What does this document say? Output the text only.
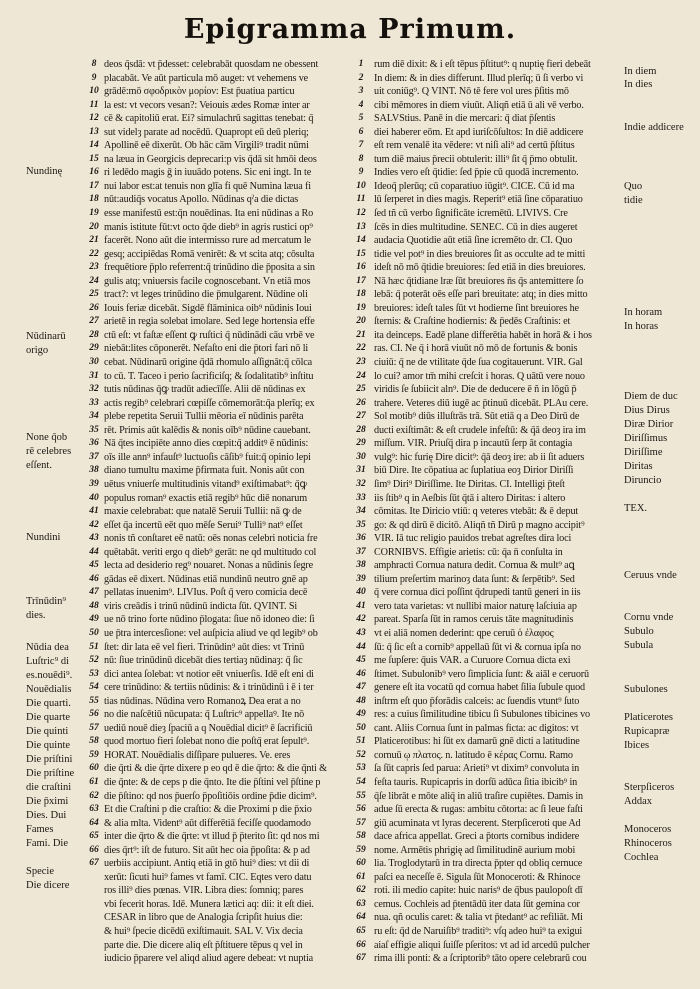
Epigramma Primum.
Nundinę
Nūdinarū
origo
None q̄ob
rē celebres
eſſent.
Nundini
Trīnūdin⁹
dies.
Nūdia dea
Luſtric⁹ di
es.nouēdi⁹.
Nouēdialis
Die quarti.
Die quarte
Die quinti
Die quinte
Die priſtini
Die priſtine
die craſtini
Die p̄ximi
Dies. Dui
Fames
Fami. Die
Specie
Die dicere
8
9
10
11
12
13
14
15
16
17
18
19
20
21
22
23
24
25
26
27
28
29
30
31
32
33
34
35
36
37
38
39
40
41
42
43
44
45
46
47
48
49
50
51
52
53
54
55
56
57
58
59
60
61
62
63
64
65
66
67
deos q̄sdā: vt p̄desset: celebrabāt quosdam ne obessent
placabāt. Ve aūt particula mō auget: vt vehemens ve
grādē:mō σφοδρικὸν μορίον: Est p̄uatiua particu
la est: vt vecors vesan?: Veiouis ædes Romæ inter ar
cē & capitoliū erat. Ei? simulachrū sagittas tenebat: q̄
sut videlȝ parate ad nocēdū. Quapropt eū deū pleriq;
Apollinē eē dixerūt. Ob hāc cām Virgiliꝰ tradit nūmi
na læua in Georgicis deprecari:p vis q̄dā sit hmōi deos
ri ledēdo magis ḡ in iuuādo potens. Sic eni ingt. In te
nui labor est:at tenuis non glīa fi quē Numina læua fi
nūt:audiq̄s vocatus Apollo. Nūdinas qˀa die dictas
esse manifestū est:q̄n nouēdinas. Ita eni nūdinas a Ro
manis istitute fūt:vt octo q̄de dieb⁹ in agris rustici op⁹
facerēt. Nono aūt die intermisso rure ad mercatum le
gesq; accipiēdas Romā venirēt: & vt scita atq; cōsulta
frequētiore p̄plo referrent:q̄ trinūdino die p̄posita a sin
gulis atq; vniuersis facile cognoscebant. Vn etiā mos
tract?: vt leges trinūdino die p̄mulgarent. Nūdine oli
Iouis feriæ dicebāt. Sigdē flāminica oib⁹ nūdinis Ioui
arietē in regia solebat imolare. Sed lege hortensia effe
ctū eſt: vt faſtæ eſſent ꝙ ruſtici q̄ nūdinādi cāu vrbē ve
niebāt:lites cōponerēt. Nefaſto eni die p̄tori fari nō li
cebat. Nūdinarū origine q̄dā rhomulo aſſignāt:q̄ cōlca
to cū. T. Taceo i perio ſacrificiſq; & ſodalitatib⁹ inſtitu
tutis nūdinas q̄ꝙ tradūt adiecīſſe. Alii dē nūdinas ex
actis regib⁹ celebrari cœpiſſe cōmemorāt:q̄a plerīq; ex
plebe repetita Seruii Tullii mēoria eī nūdinis parēta
rēt. Primis aūt kalēdis & nonis oīb⁹ nūdine cauebant.
Nā q̄tes incipiēte anno dies cœpit:q̄ additꝰ ē nūdinis:
oīs ille ann⁹ infauſt⁹ luctuoſis cāſib⁹ fuit:q̄ opinio lepi
diano tumultu maxime p̄firmata fuit. Nonis aūt con
uētus vniuerſe multitudinis vitand⁹ exiſtimabat⁹: q̄ꝙ
populus roman⁹ exactis etiā regib⁹ hūc diē nonarum
maxie celebrabat: que natalē Seruii Tullii: nā ꝙ de
eſſet q̄a incertū eēt quo mēſe Serui⁹ Tulli⁹ nat⁹ eſſet
nonis tñ conſtaret eē natū: oēs nonas celebri noticia fre
quētabāt. veriti ergo q dieb⁹ gerāt: ne qd multitudo col
lecta ad desiderio reg⁹ nouaret. Nonas a nūdinis ſegre
gādas eē dixert. Nūdinas etiā nundinū neutro gnē ap
pellatas inuenim⁹. LIVIus. Poſt q̄ vero comicia decē
viris creādis i trinū nūdinū indicta ſūt. QVINT. Si
ue nō trino forte nūdino p̄logata: ſiue nō idoneo die: ſi
ue p̄tra intercesſione: vel auſpicia aliud ve qd legib⁹ ob
ſtet: dir lata eē vel fieri. Trinūdin⁹ aūt dies: vt Trinū
nū: ſiue trinūdinū dicebāt dies tertiaȝ nūdinaȝ: q̄ ſic
dici antea ſolebat: vt notior eēt vniuerſis. Idē eſt eni di
cere trinūdino: & tertiis nūdinis: & i trinūdinū i ē i ter
tias nūdinas. Nūdina vero Romanoꝝ Dea erat a no
no die naſcētiū nūcupata: q̄ Luſtric⁹ appellaꝰ. Ite nō
uediū nouē dieȝ ſpaciū a q Nouēdial dicit⁹ ē ſacrificiū
quod mortuo fieri ſolebat nono die poſtq̄ erat ſepult⁹.
HORAT. Nouēdialis diſſipare pulueres. Ve. eres
die q̄rti & die q̄rte dixere p eo qd ē die q̄rto: & die q̄nti &
die q̄nte: & de ceps p die q̄nto. Ite die p̄ſtini vel p̄ſtine p
die p̄ſtino: qd nos p̄uerſo p̄poſitiōis ordine p̄die dicim⁹.
Et die Craſtini p die craſtio: & die Proximi p die p̄xio
& alia mlta. Vident⁹ aūt differētiā feciſſe quodamodo
inter die q̄rto & die q̄rte: vt illud p̄ p̄terito ſit: qd nos mi
dies q̄rt⁹: iſt de futuro. Sit aūt hec oia p̄poſita: & p ad
uerbiis accipiunt. Antiq etiā in gtō hui⁹ dies: vt dii di
xerūt: ſicuti hui⁹ fames vt famī. CIC. Eqtes vero datu
ros illi⁹ dies pœnas. VIR. Libra dies: ſomniq; pares
vbi fecerit horas. Idē. Munera lætici aq: dii: it eſt diei.
CESAR in libro que de Analogia ſcripſit huius die:
& hui⁹ ſpecie dicēdū exiſtimauit. SAL V. Vix decia
parte die. Die dicere aliq eſt p̄ſtituere tēpus q vel in
iudicio p̄parere vel aliqd aliud agere debeat: vt nuptia
1
2
3
4
5
6
7
8
9
10
11
12
13
14
15
16
17
18
19
20
21
22
23
24
25
26
27
28
29
30
31
32
33
34
35
36
37
38
39
40
41
42
43
44
45
46
47
48
49
50
51
52
53
54
55
56
57
58
59
60
61
62
63
64
65
66
67
rum diē dixit: & i eſt tēpus p̄ſtitut⁹: q nuptię fieri debeāt
In diem: & in dies differunt. Illud plerīq; ū ſi verbo vi
uit coniūg⁹. Q VINT. Nō tē fere vol ures p̄ſitis mō
cibi mēmores in diem viuūt. Aliqñ etiā ū ali vē verbo.
SALVStius. Panē in die mercari: q̄ diat p̄ſentis
diei haberer eōm. Et apd iuriſcōſultos: In diē addicere
eſt rem venalē ita vēdere: vt niſi ali⁹ ad certū p̄ſtitus
tum diē maius p̄recii obtulerit: illi⁹ ſit q̄ p̄mo obtulit.
Indies vero eſt q̄tidie: ſed p̄pie cū quodā incremento.
Ideoq̄ plerūq; cū coparatiuo iūgit⁹. CICE. Cū id ma
lū ſerperet in dies magis. Reperit⁹ etiā ſine cōparatiuo
ſed tñ cū verbo ſignificāte icremētū. LIVIVS. Cre
ſcēs in dies multitudine. SENEC. Cū in dies augeret
audacia Quotidie aūt etiā ſine icremēto dr. CI. Quo
tidie vel pot⁹ in dies breuiores ſit as occulte ad te mitti
ideſt nō mō q̄tidie breuiores: ſed etiā in dies breuiores.
Nā hæc q̄tidiane lræ ſūt breuiores n̄s q̄s antemittere ſo
lebā: q̄ poterāt oēs eſſe pari breuitate: atq; in dies mitto
breuiores: ideſt tales ſūt vt hodierne ſint breuiores he
ſternis: & Craſtine hodiernis: & p̄edēs Craſtinis: et
ita deinceps. Eadē plane differētia habēt in horā & i hos
ras. CI. Ne q̄ i horā viuūt nō mō de fortunis & bonis
ciuiū: q̄ ne de vtilitate q̄de ſua cogitauerunt. VIR. Gal
lo cui? amor tm̄ mihi creſcit i horas. Q uātū vere nouo
viridis ſe ſubiicit aln⁹. Die de deducere ē ñ in lōgū p̄
trahere. Veteres diū iugē ac p̄tinuū dicebāt. PLAu cere.
Sol motib⁹ diūs illuſtrās trā. Sūt etiā q a Deo Dirū de
ducti exiſtimāt: & eſt crudele infeſtū: & q̄ā deoȝ ira im
miſſum. VIR. Priuſq̄ dira p incautū ſerp āt contagia
vulg⁹: hic furię Dire dicit⁹: q̄ā deoȝ ire: ab ii ſit aduers
biū Dire. Ite cōpatiua ac ſuplatiua eoȝ Dirior Diriſſi
ſim⁹ Diri⁹ Diriſſime. Ite Diritas. CI. Intelligi p̄teſt
iis ſtib⁹ q in Aeſbis ſūt q̄tā i altero Diritas: i altero
cōmitas. Ite Diricio vtiū: q veteres vtebāt: & ē deput
go: & qd dirū ē dicitō. Aliqñ tñ Dirū p magno accipit⁹
VIR. Iā tuc religio pauidos trebat agreſtes dira loci
CORNIBVS. Effigie arietis: cū: q̄a n̄ conſulta in
amphracti Cornua natura dedit. Cornua & mult⁹ aꝗ
tilium preſertim marinoȝ data ſunt: & ſerpētib⁹. Sed
q̄ vere cornua dici poſſint q̄drupedi tantū generi in iis
vero tata varietas: vt nullibi maior naturę laſciuia ap
pareat. Sparſa ſūt in ramos ceruis tāte magnitudinis
vt ei aliā nomen dederint: qpe ceruū ὁ ἐλαφος
ſū: q̄ ſic eſt a cornib⁹ appellaū ſūt vi & cornua ipſa no
me ſupſere: q̄uis VAR. a Curuore Cornua dicta exi
ſtimet. Subulonib⁹ vero ſimplicia ſunt: & aiāl e ceruorū
genere eſt ita vocatū qd cornua habet ſilia ſubule quod
inſtrm eſt quo p̄forādis calceis: ac ſuendis vtunt⁹ ſuto
res: a cuius ſimilitudine tibicu ſi Subulones tibicines vo
cant. Aliis Cornua ſunt in palmas ficta: ac digitos: vt
Platicerotibus: hi ſūt ex damarū gnē dicti a latitudine
cornuū ῳ πλατος. n. latitudo ē κέρας Cornu. Ramo
ſa ſūt capris ſed parua: Arieti⁹ vt dixim⁹ convoluta in
feſta tauris. Rupicapris in dorſū adūca ſitia ibicib⁹ in
q̄ſe librāt e mōte aliq̄ in aliū traſire cupiētes. Damis in
adue ſū erecta & rugas: ambitu cōtorta: ac ſi leue faſti
giū acuminata vt lyras decerent. Sterpſiceroti que Ad
dace africa appellat. Greci a p̄torts cornibus indidere
nome. Armētis phrigię ad ſimilitudinē aurium mobi
lia. Troglodytarū in tra directa p̄pter qd obliq cernuce
paſci ea neceſſe ē. Sigula ſūt Monoceroti: & Rhinoce
roti. ili medio capite: huic naris⁹ de q̄bus paulopoſt dī
cemus. Cochleis ad p̄tentādū iter data ſūt gemina cor
nua. qñ oculis caret: & talia vt p̄tedant⁹ ac refiliāt. Mi
ru eſt: q̄d de Naruiſib⁹ traditi⁹: vſq adeo hui⁹ ta exigui
aiaſ effigie aliqui ſuiſſe pſeritos: vt ad id arcedū pulcher
rima illi ponti: & a ſcriptorib⁹ tāto opere celebrarū cou
In diem
In dies
Indie addicere
Quo
tidie
In horam
In horas
Diem de duc
Dius Dirus
Diræ Dirior
Diriſſimus
Diriſſime
Diritas
Diruncio
TEX.
Ceruus vnde
Cornu vnde
Subulo
Subula
Subulones
Platicerotes
Rupicapræ
Ibices
Sterpſiceros
Addax
Monoceros
Rhinoceros
Cochlea
